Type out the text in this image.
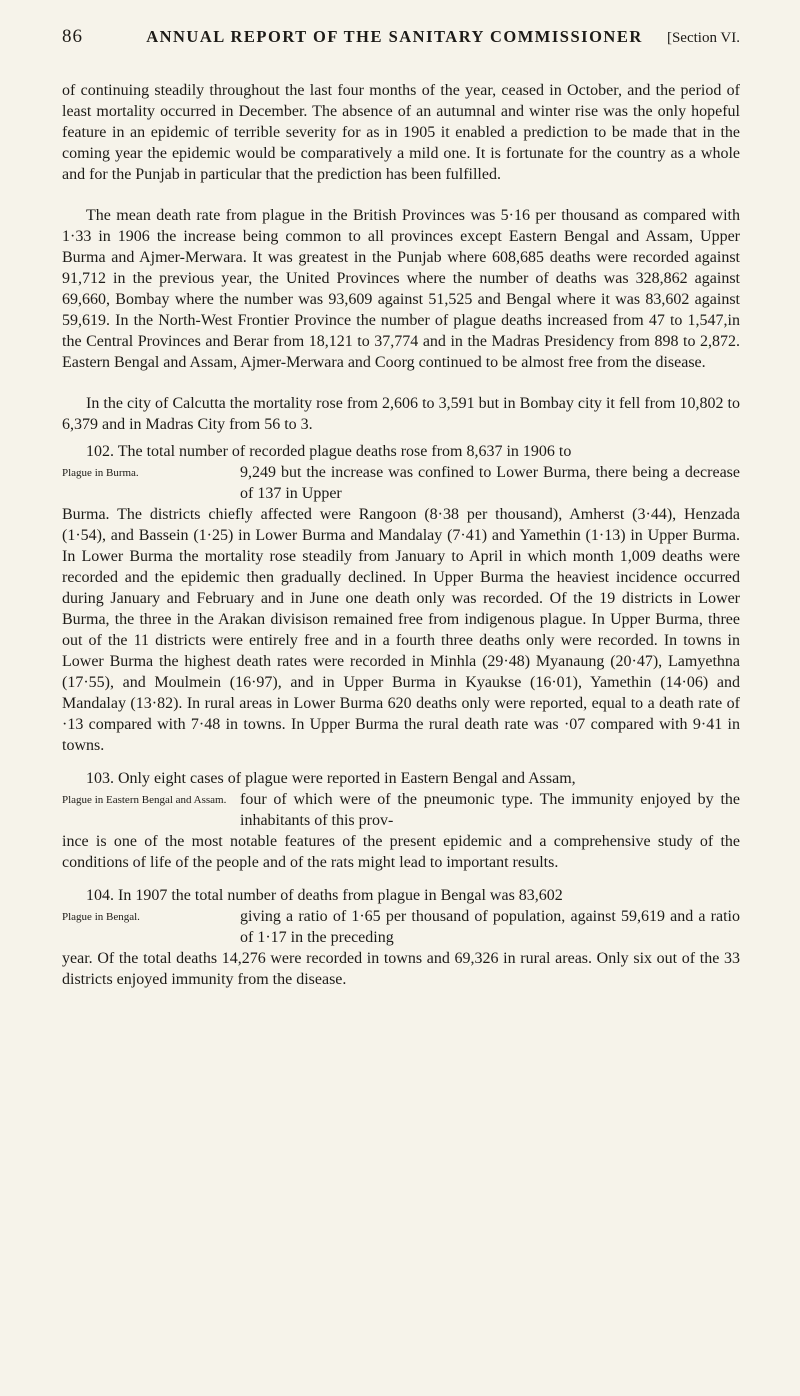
86	ANNUAL REPORT OF THE SANITARY COMMISSIONER	[Section VI.

of continuing steadily throughout the last four months of the year, ceased in October, and the period of least mortality occurred in December. The absence of an autumnal and winter rise was the only hopeful feature in an epidemic of terrible severity for as in 1905 it enabled a prediction to be made that in the coming year the epidemic would be comparatively a mild one. It is fortunate for the country as a whole and for the Punjab in particular that the prediction has been fulfilled.

The mean death rate from plague in the British Provinces was 5·16 per thousand as compared with 1·33 in 1906 the increase being common to all provinces except Eastern Bengal and Assam, Upper Burma and Ajmer-Merwara. It was greatest in the Punjab where 608,685 deaths were recorded against 91,712 in the previous year, the United Provinces where the number of deaths was 328,862 against 69,660, Bombay where the number was 93,609 against 51,525 and Bengal where it was 83,602 against 59,619. In the North-West Frontier Province the number of plague deaths increased from 47 to 1,547,in the Central Provinces and Berar from 18,121 to 37,774 and in the Madras Presidency from 898 to 2,872. Eastern Bengal and Assam, Ajmer-Merwara and Coorg continued to be almost free from the disease.

In the city of Calcutta the mortality rose from 2,606 to 3,591 but in Bombay city it fell from 10,802 to 6,379 and in Madras City from 56 to 3.

102. The total number of recorded plague deaths rose from 8,637 in 1906 to
Plague in Burma.	9,249 but the increase was confined to Lower Burma, there being a decrease of 137 in Upper

Burma. The districts chiefly affected were Rangoon (8·38 per thousand), Amherst (3·44), Henzada (1·54), and Bassein (1·25) in Lower Burma and Mandalay (7·41) and Yamethin (1·13) in Upper Burma. In Lower Burma the mortality rose steadily from January to April in which month 1,009 deaths were recorded and the epidemic then gradually declined. In Upper Burma the heaviest incidence occurred during January and February and in June one death only was recorded. Of the 19 districts in Lower Burma, the three in the Arakan divisison remained free from indigenous plague. In Upper Burma, three out of the 11 districts were entirely free and in a fourth three deaths only were recorded. In towns in Lower Burma the highest death rates were recorded in Minhla (29·48) Myanaung (20·47), Lamyethna (17·55), and Moulmein (16·97), and in Upper Burma in Kyaukse (16·01), Yamethin (14·06) and Mandalay (13·82). In rural areas in Lower Burma 620 deaths only were reported, equal to a death rate of ·13 compared with 7·48 in towns. In Upper Burma the rural death rate was ·07 compared with 9·41 in towns.

103. Only eight cases of plague were reported in Eastern Bengal and Assam,
Plague in Eastern Bengal and Assam. four of which were of the pneumonic type. The immunity enjoyed by the inhabitants of this prov-

ince is one of the most notable features of the present epidemic and a comprehensive study of the conditions of life of the people and of the rats might lead to important results.

104. In 1907 the total number of deaths from plague in Bengal was 83,602
Plague in Bengal.	giving a ratio of 1·65 per thousand of population, against 59,619 and a ratio of 1·17 in the preceding

year. Of the total deaths 14,276 were recorded in towns and 69,326 in rural areas. Only six out of the 33 districts enjoyed immunity from the disease.
